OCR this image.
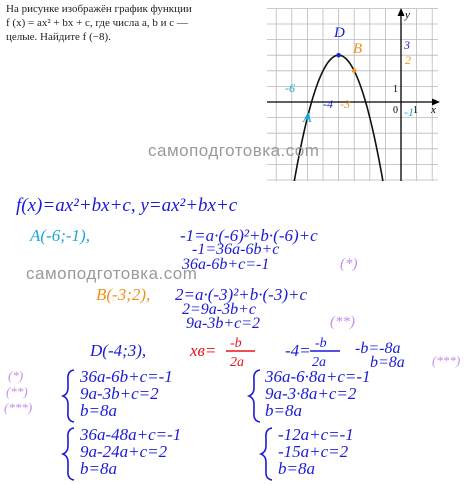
На рисунке изображён график функции

f (x) = ax² + bx + c, где числа a, b и c —

целые. Найдите f (−8).

x
y
0 1
1
D
B
A
-6
-4 -3
3
2
-1
самоподготовка.com
самоподготовка.com
f(x)=ax²+bx+c, y=ax²+bx+c
A(-6;-1),	-1=a·(-6)²+b·(-6)+c
-1=36a-6b+c
36a-6b+c=-1	(*)
B(-3;2), 2=a·(-3)²+b·(-3)+c
2=9a-3b+c
9a-3b+c=2	(**)
D(-4;3),	xв= -b
2a
-4= -b
2a
-b=-8a
b=8a (***)
(*)
(**)
(***)
36a-6b+c=-1
9a-3b+c=2
b=8a
36a-6·8a+c=-1
9a-3·8a+c=2
b=8a
36a-48a+c=-1
9a-24a+c=2
b=8a
-12a+c=-1
-15a+c=2
b=8a
